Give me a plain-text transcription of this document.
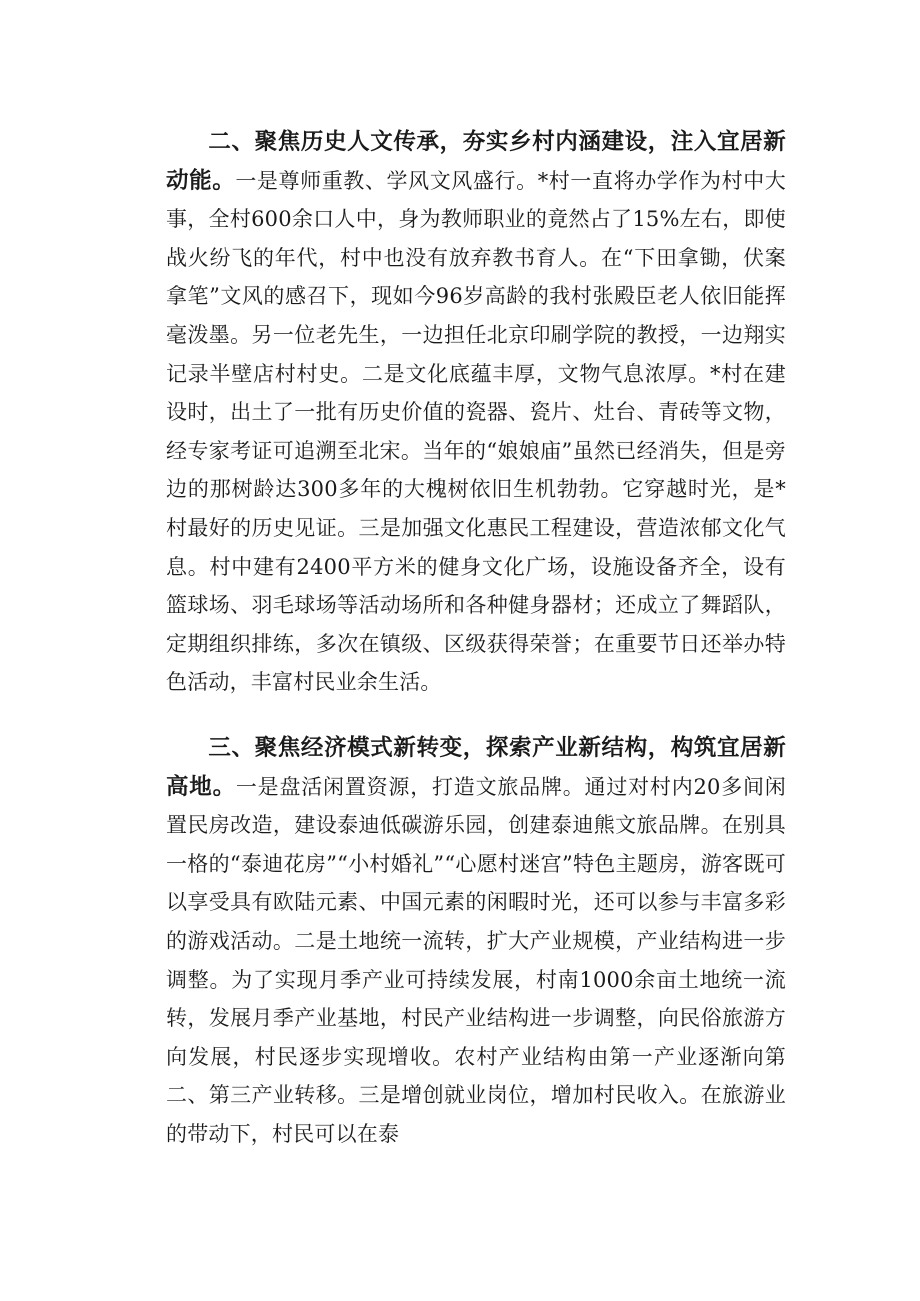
二、聚焦历史人文传承，夯实乡村内涵建设，注入宜居新动能。一是尊师重教、学风文风盛行。*村一直将办学作为村中大事，全村600余口人中，身为教师职业的竟然占了15%左右，即使战火纷飞的年代，村中也没有放弃教书育人。在“下田拿锄，伏案拿笔”文风的感召下，现如今96岁高龄的我村张殿臣老人依旧能挥毫泼墨。另一位老先生，一边担任北京印刷学院的教授，一边翔实记录半壁店村村史。二是文化底蕴丰厚，文物气息浓厚。*村在建设时，出土了一批有历史价值的瓷器、瓷片、灶台、青砖等文物，经专家考证可追溯至北宋。当年的“娘娘庙”虽然已经消失，但是旁边的那树龄达300多年的大槐树依旧生机勃勃。它穿越时光，是*村最好的历史见证。三是加强文化惠民工程建设，营造浓郁文化气息。村中建有2400平方米的健身文化广场，设施设备齐全，设有篮球场、羽毛球场等活动场所和各种健身器材；还成立了舞蹈队，定期组织排练，多次在镇级、区级获得荣誉；在重要节日还举办特色活动，丰富村民业余生活。

三、聚焦经济模式新转变，探索产业新结构，构筑宜居新高地。一是盘活闲置资源，打造文旅品牌。通过对村内20多间闲置民房改造，建设泰迪低碳游乐园，创建泰迪熊文旅品牌。在别具一格的“泰迪花房”“小村婚礼”“心愿村迷宫”特色主题房，游客既可以享受具有欧陆元素、中国元素的闲暇时光，还可以参与丰富多彩的游戏活动。二是土地统一流转，扩大产业规模，产业结构进一步调整。为了实现月季产业可持续发展，村南1000余亩土地统一流转，发展月季产业基地，村民产业结构进一步调整，向民俗旅游方向发展，村民逐步实现增收。农村产业结构由第一产业逐渐向第二、第三产业转移。三是增创就业岗位，增加村民收入。在旅游业的带动下，村民可以在泰
